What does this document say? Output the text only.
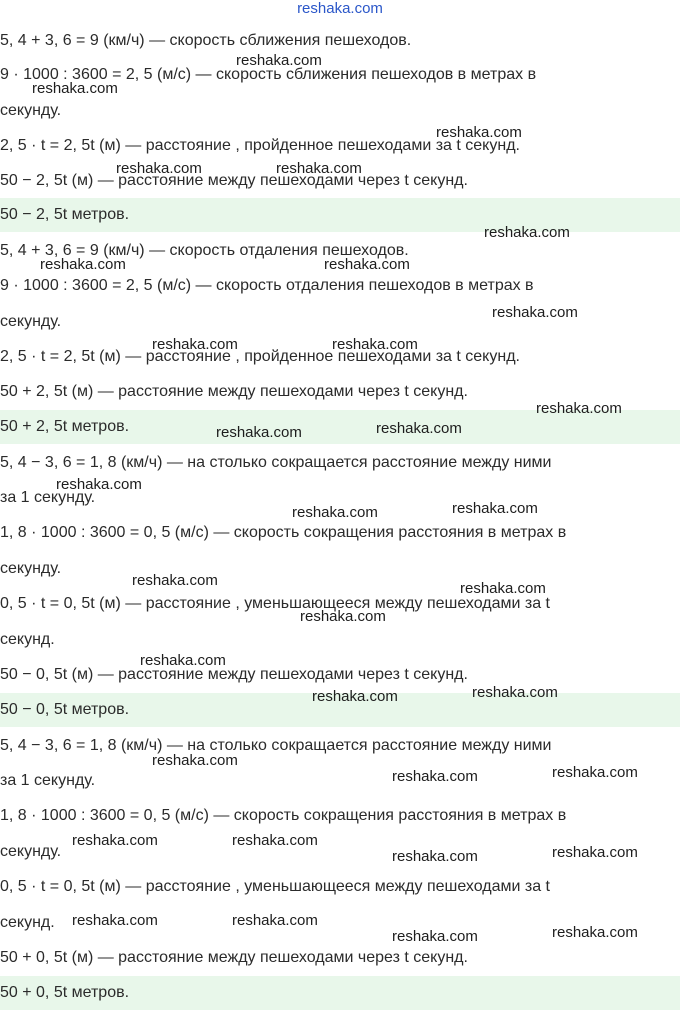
reshaka.com
5, 4 + 3, 6 = 9 (км/ч) — скорость сближения пешеходов.
9 · 1000 : 3600 = 2, 5 (м/с) — скорость сближения пешеходов в метрах в
секунду.
2, 5 · t = 2, 5t (м) — расстояние , пройденное пешеходами за t секунд.
50 − 2, 5t (м) — расстояние между пешеходами через t секунд.
50 − 2, 5t метров.
5, 4 + 3, 6 = 9 (км/ч) — скорость отдаления пешеходов.
9 · 1000 : 3600 = 2, 5 (м/с) — скорость отдаления пешеходов в метрах в
секунду.
2, 5 · t = 2, 5t (м) — расстояние , пройденное пешеходами за t секунд.
50 + 2, 5t (м) — расстояние между пешеходами через t секунд.
50 + 2, 5t метров.
5, 4 − 3, 6 = 1, 8 (км/ч) — на столько сокращается расстояние между ними
за 1 секунду.
1, 8 · 1000 : 3600 = 0, 5 (м/с) — скорость сокращения расстояния в метрах в
секунду.
0, 5 · t = 0, 5t (м) — расстояние , уменьшающееся между пешеходами за t
секунд.
50 − 0, 5t (м) — расстояние между пешеходами через t секунд.
50 − 0, 5t метров.
5, 4 − 3, 6 = 1, 8 (км/ч) — на столько сокращается расстояние между ними
за 1 секунду.
1, 8 · 1000 : 3600 = 0, 5 (м/с) — скорость сокращения расстояния в метрах в
секунду.
0, 5 · t = 0, 5t (м) — расстояние , уменьшающееся между пешеходами за t
секунд.
50 + 0, 5t (м) — расстояние между пешеходами через t секунд.
50 + 0, 5t метров.
reshaka.com
reshaka.com
reshaka.com
reshaka.com	reshaka.com
reshaka.com
reshaka.com	reshaka.com
reshaka.com
reshaka.com	reshaka.com
reshaka.com
reshaka.com	reshaka.com
reshaka.com
reshaka.com	reshaka.com
reshaka.com	reshaka.com
reshaka.com
reshaka.com
reshaka.com	reshaka.com
reshaka.com
reshaka.com	reshaka.com
reshaka.com	reshaka.com
reshaka.com	reshaka.com
reshaka.com	reshaka.com
reshaka.com	reshaka.com
